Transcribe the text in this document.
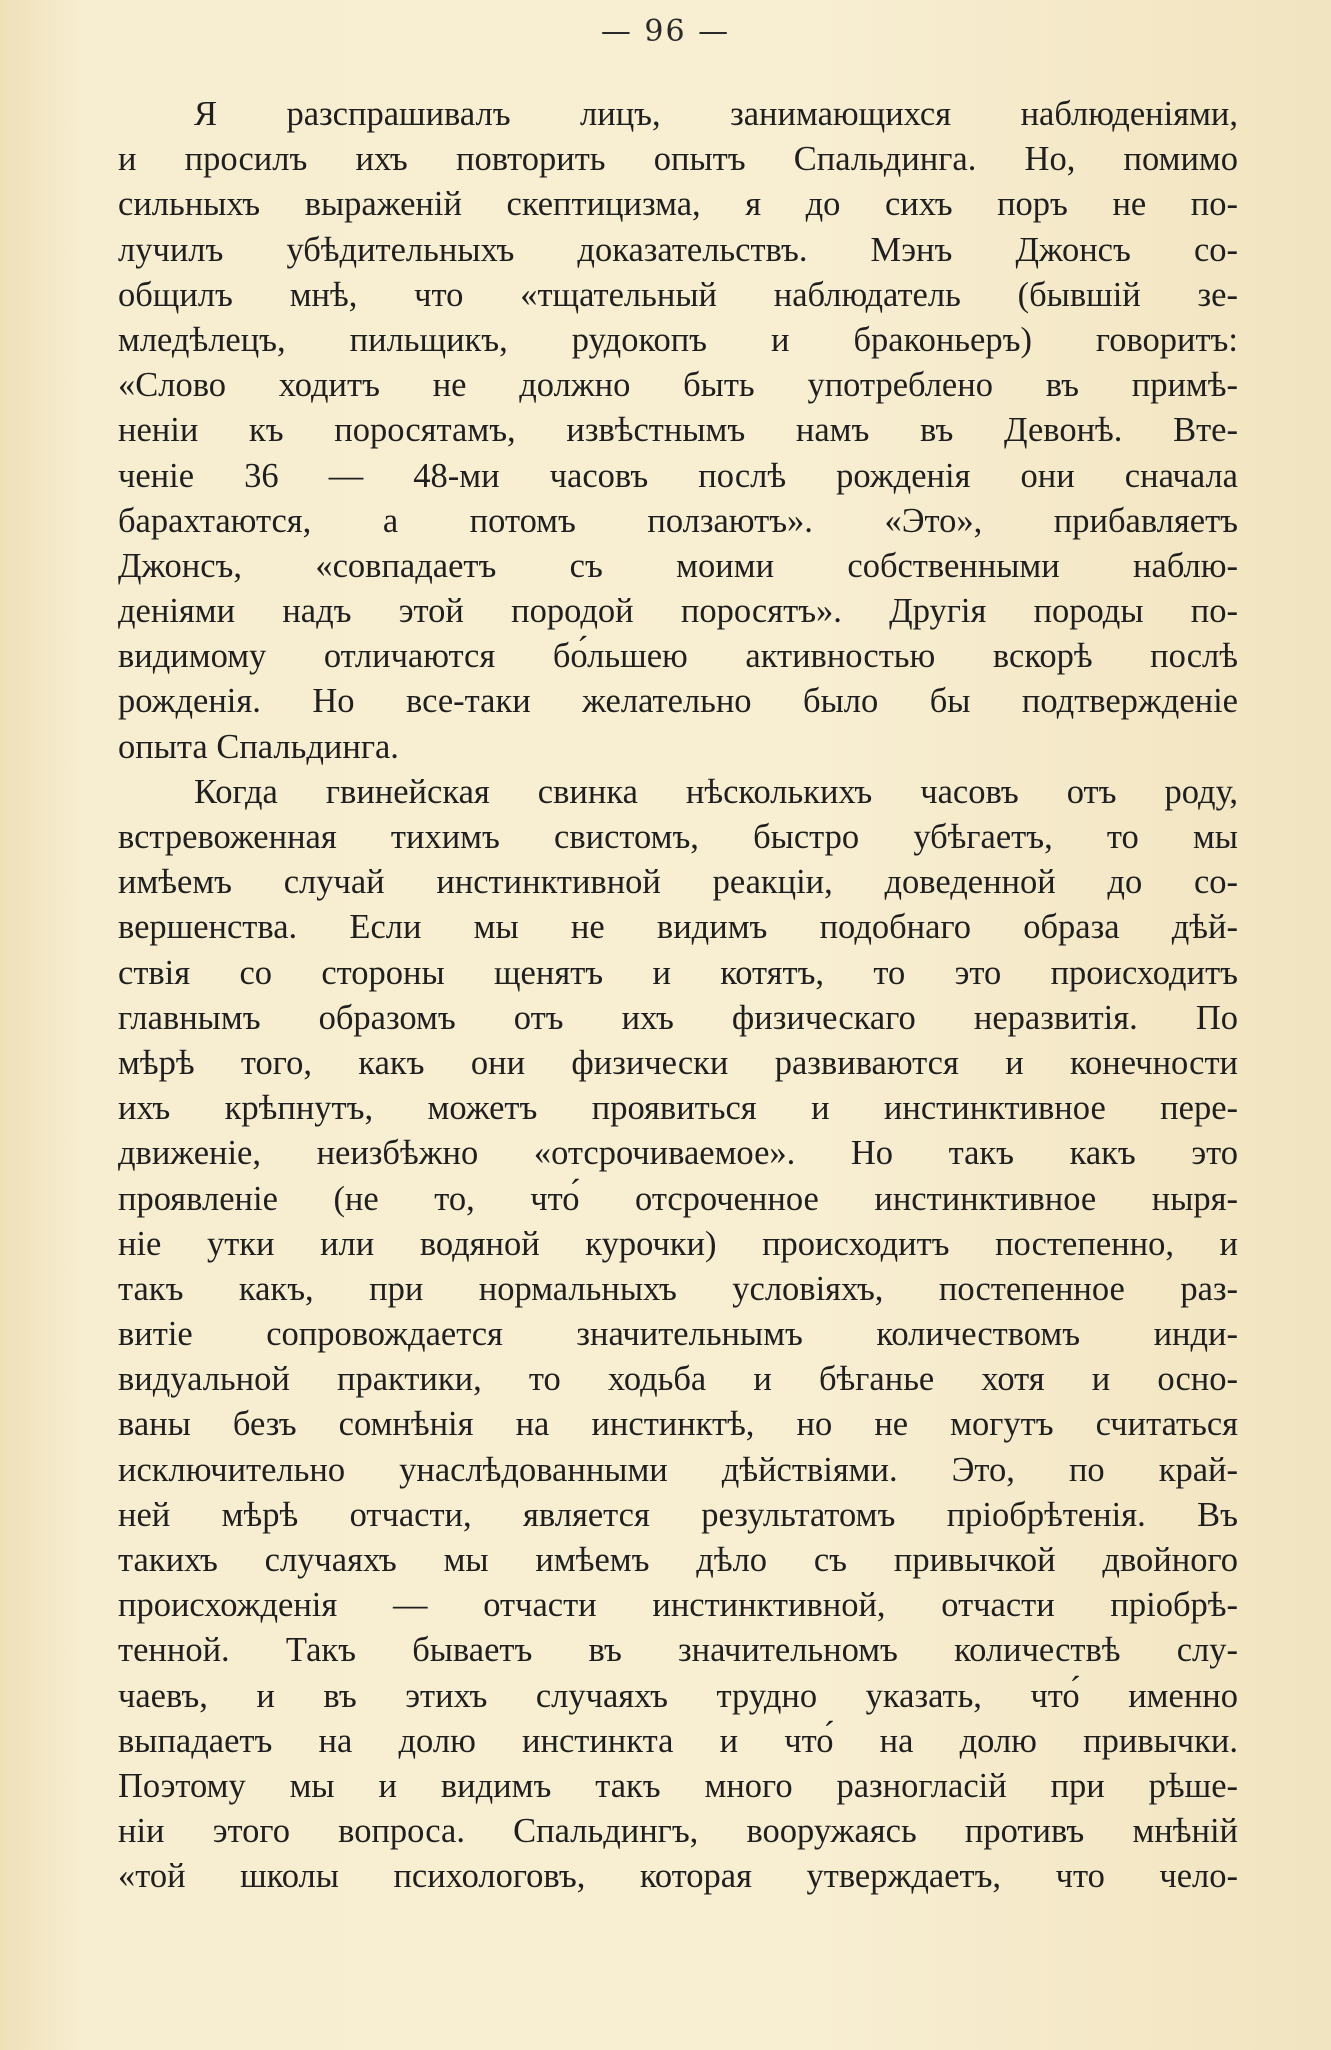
— 96 —
Я разспрашивалъ лицъ, занимающихся наблюденіями,
и просилъ ихъ повторить опытъ Спальдинга. Но, помимо
сильныхъ выраженій скептицизма, я до сихъ поръ не по-
лучилъ убѣдительныхъ доказательствъ. Мэнъ Джонсъ со-
общилъ мнѣ, что «тщательный наблюдатель (бывшій зе-
мледѣлецъ, пильщикъ, рудокопъ и браконьеръ) говоритъ:
«Слово ходитъ не должно быть употреблено въ примѣ-
неніи къ поросятамъ, извѣстнымъ намъ въ Девонѣ. Вте-
ченіе 36 — 48-ми часовъ послѣ рожденія они сначала
барахтаются, а потомъ ползаютъ». «Это», прибавляетъ
Джонсъ, «совпадаетъ съ моими собственными наблю-
деніями надъ этой породой поросятъ». Другія породы по-
видимому отличаются бо́льшею активностью вскорѣ послѣ
рожденія. Но все-таки желательно было бы подтвержденіе
опыта Спальдинга.
Когда гвинейская свинка нѣсколькихъ часовъ отъ роду,
встревоженная тихимъ свистомъ, быстро убѣгаетъ, то мы
имѣемъ случай инстинктивной реакціи, доведенной до со-
вершенства. Если мы не видимъ подобнаго образа дѣй-
ствія со стороны щенятъ и котятъ, то это происходитъ
главнымъ образомъ отъ ихъ физическаго неразвитія. По
мѣрѣ того, какъ они физически развиваются и конечности
ихъ крѣпнутъ, можетъ проявиться и инстинктивное пере-
движеніе, неизбѣжно «отсрочиваемое». Но такъ какъ это
проявленіе (не то, что́ отсроченное инстинктивное ныря-
ніе утки или водяной курочки) происходитъ постепенно, и
такъ какъ, при нормальныхъ условіяхъ, постепенное раз-
витіе сопровождается значительнымъ количествомъ инди-
видуальной практики, то ходьба и бѣганье хотя и осно-
ваны безъ сомнѣнія на инстинктѣ, но не могутъ считаться
исключительно унаслѣдованными дѣйствіями. Это, по край-
ней мѣрѣ отчасти, является результатомъ пріобрѣтенія. Въ
такихъ случаяхъ мы имѣемъ дѣло съ привычкой двойного
происхожденія — отчасти инстинктивной, отчасти пріобрѣ-
тенной. Такъ бываетъ въ значительномъ количествѣ слу-
чаевъ, и въ этихъ случаяхъ трудно указать, что́ именно
выпадаетъ на долю инстинкта и что́ на долю привычки.
Поэтому мы и видимъ такъ много разногласій при рѣше-
ніи этого вопроса. Спальдингъ, вооружаясь противъ мнѣній
«той школы психологовъ, которая утверждаетъ, что чело-
